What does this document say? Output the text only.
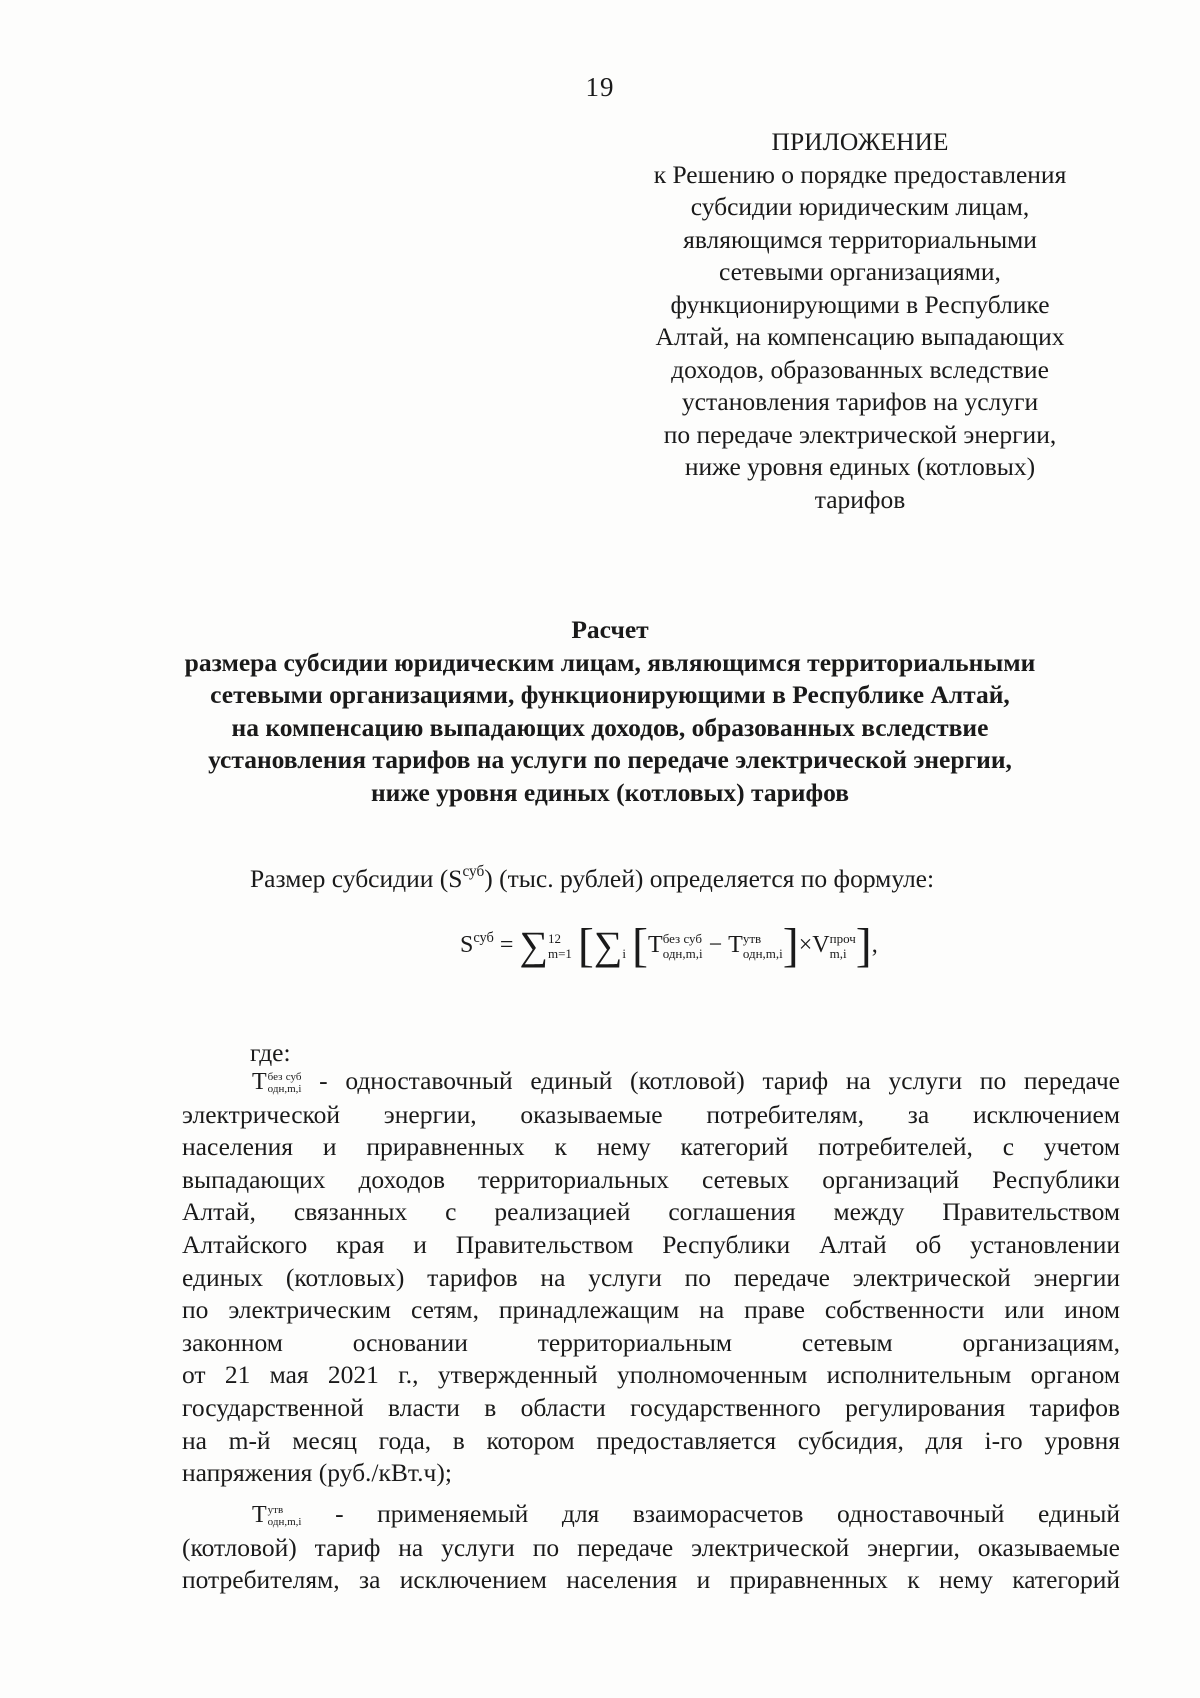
19
ПРИЛОЖЕНИЕ
к Решению о порядке предоставления
субсидии юридическим лицам,
являющимся территориальными
сетевыми организациями,
функционирующими в Республике
Алтай, на компенсацию выпадающих
доходов, образованных вследствие
установления тарифов на услуги
по передаче электрической энергии,
ниже уровня единых (котловых)
тарифов
Расчет
размера субсидии юридическим лицам, являющимся территориальными
сетевыми организациями, функционирующими в Республике Алтай,
на компенсацию выпадающих доходов, образованных вследствие
установления тарифов на услуги по передаче электрической энергии,
ниже уровня единых (котловых) тарифов
Размер субсидии $(S^{суб})$ (тыс. рублей) определяется по формуле:
$S^{суб}$ = ∑ 12
m=1 [∑
i [T без суб
одн,m,i − T утв
одн,m,i ]×V проч
m,i ],
где:
T без суб
одн,m,i - одноставочный единый (котловой) тариф на услуги по передаче
электрической энергии, оказываемые потребителям, за исключением
населения и приравненных к нему категорий потребителей, с учетом
выпадающих доходов территориальных сетевых организаций Республики
Алтай, связанных с реализацией соглашения между Правительством
Алтайского края и Правительством Республики Алтай об установлении
единых (котловых) тарифов на услуги по передаче электрической энергии
по электрическим сетям, принадлежащим на праве собственности или ином
законном основании территориальным сетевым организациям,
от 21 мая 2021 г., утвержденный уполномоченным исполнительным органом
государственной власти в области государственного регулирования тарифов
на m-й месяц года, в котором предоставляется субсидия, для i-го уровня
напряжения (руб./кВт.ч);
T утв
одн,m,i - применяемый для взаиморасчетов одноставочный единый
(котловой) тариф на услуги по передаче электрической энергии, оказываемые
потребителям, за исключением населения и приравненных к нему категорий
